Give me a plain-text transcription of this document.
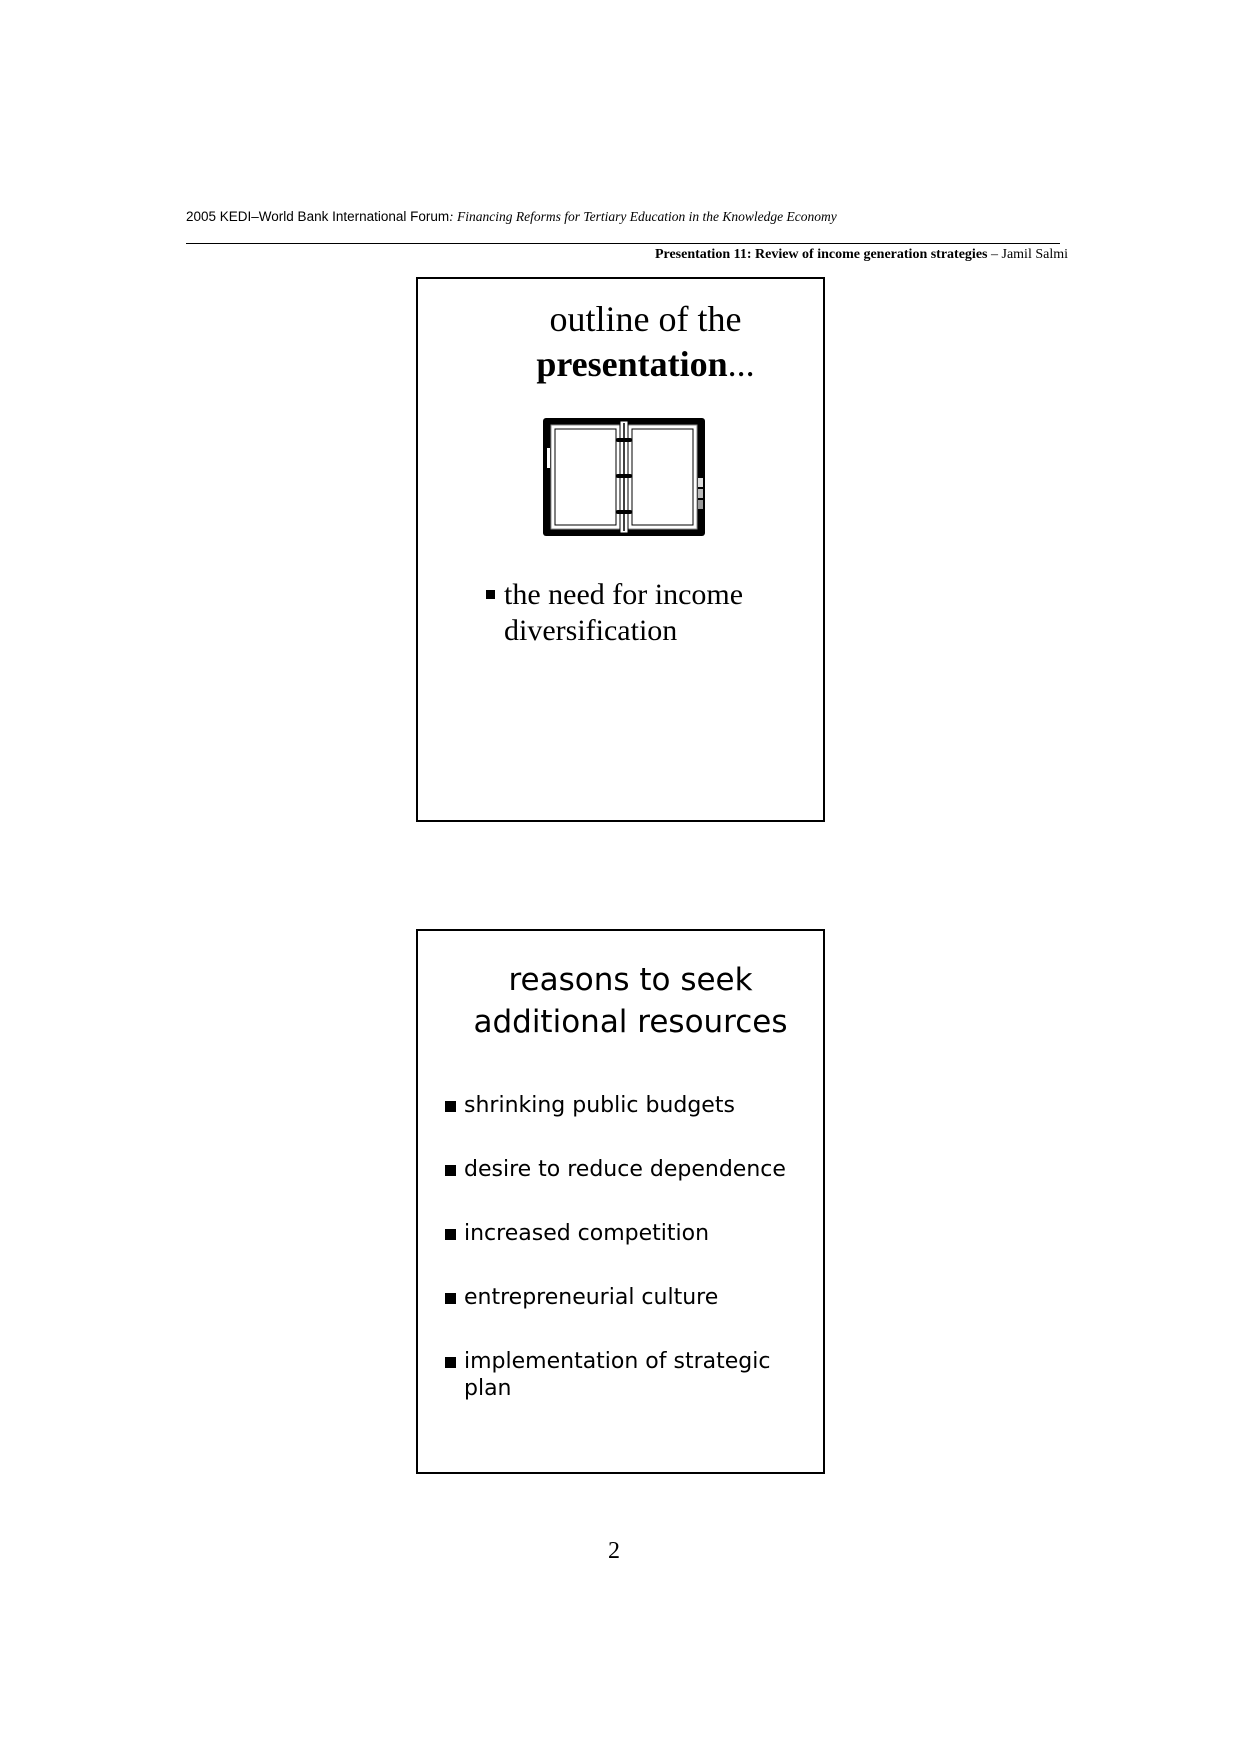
2005 KEDI–World Bank International Forum: Financing Reforms for Tertiary Education in the Knowledge Economy
Presentation 11: Review of income generation strategies – Jamil Salmi
outline of the
presentation...
the need for income diversification
reasons to seek
additional resources
shrinking public budgets
desire to reduce dependence
increased competition
entrepreneurial culture
implementation of strategic plan
2
